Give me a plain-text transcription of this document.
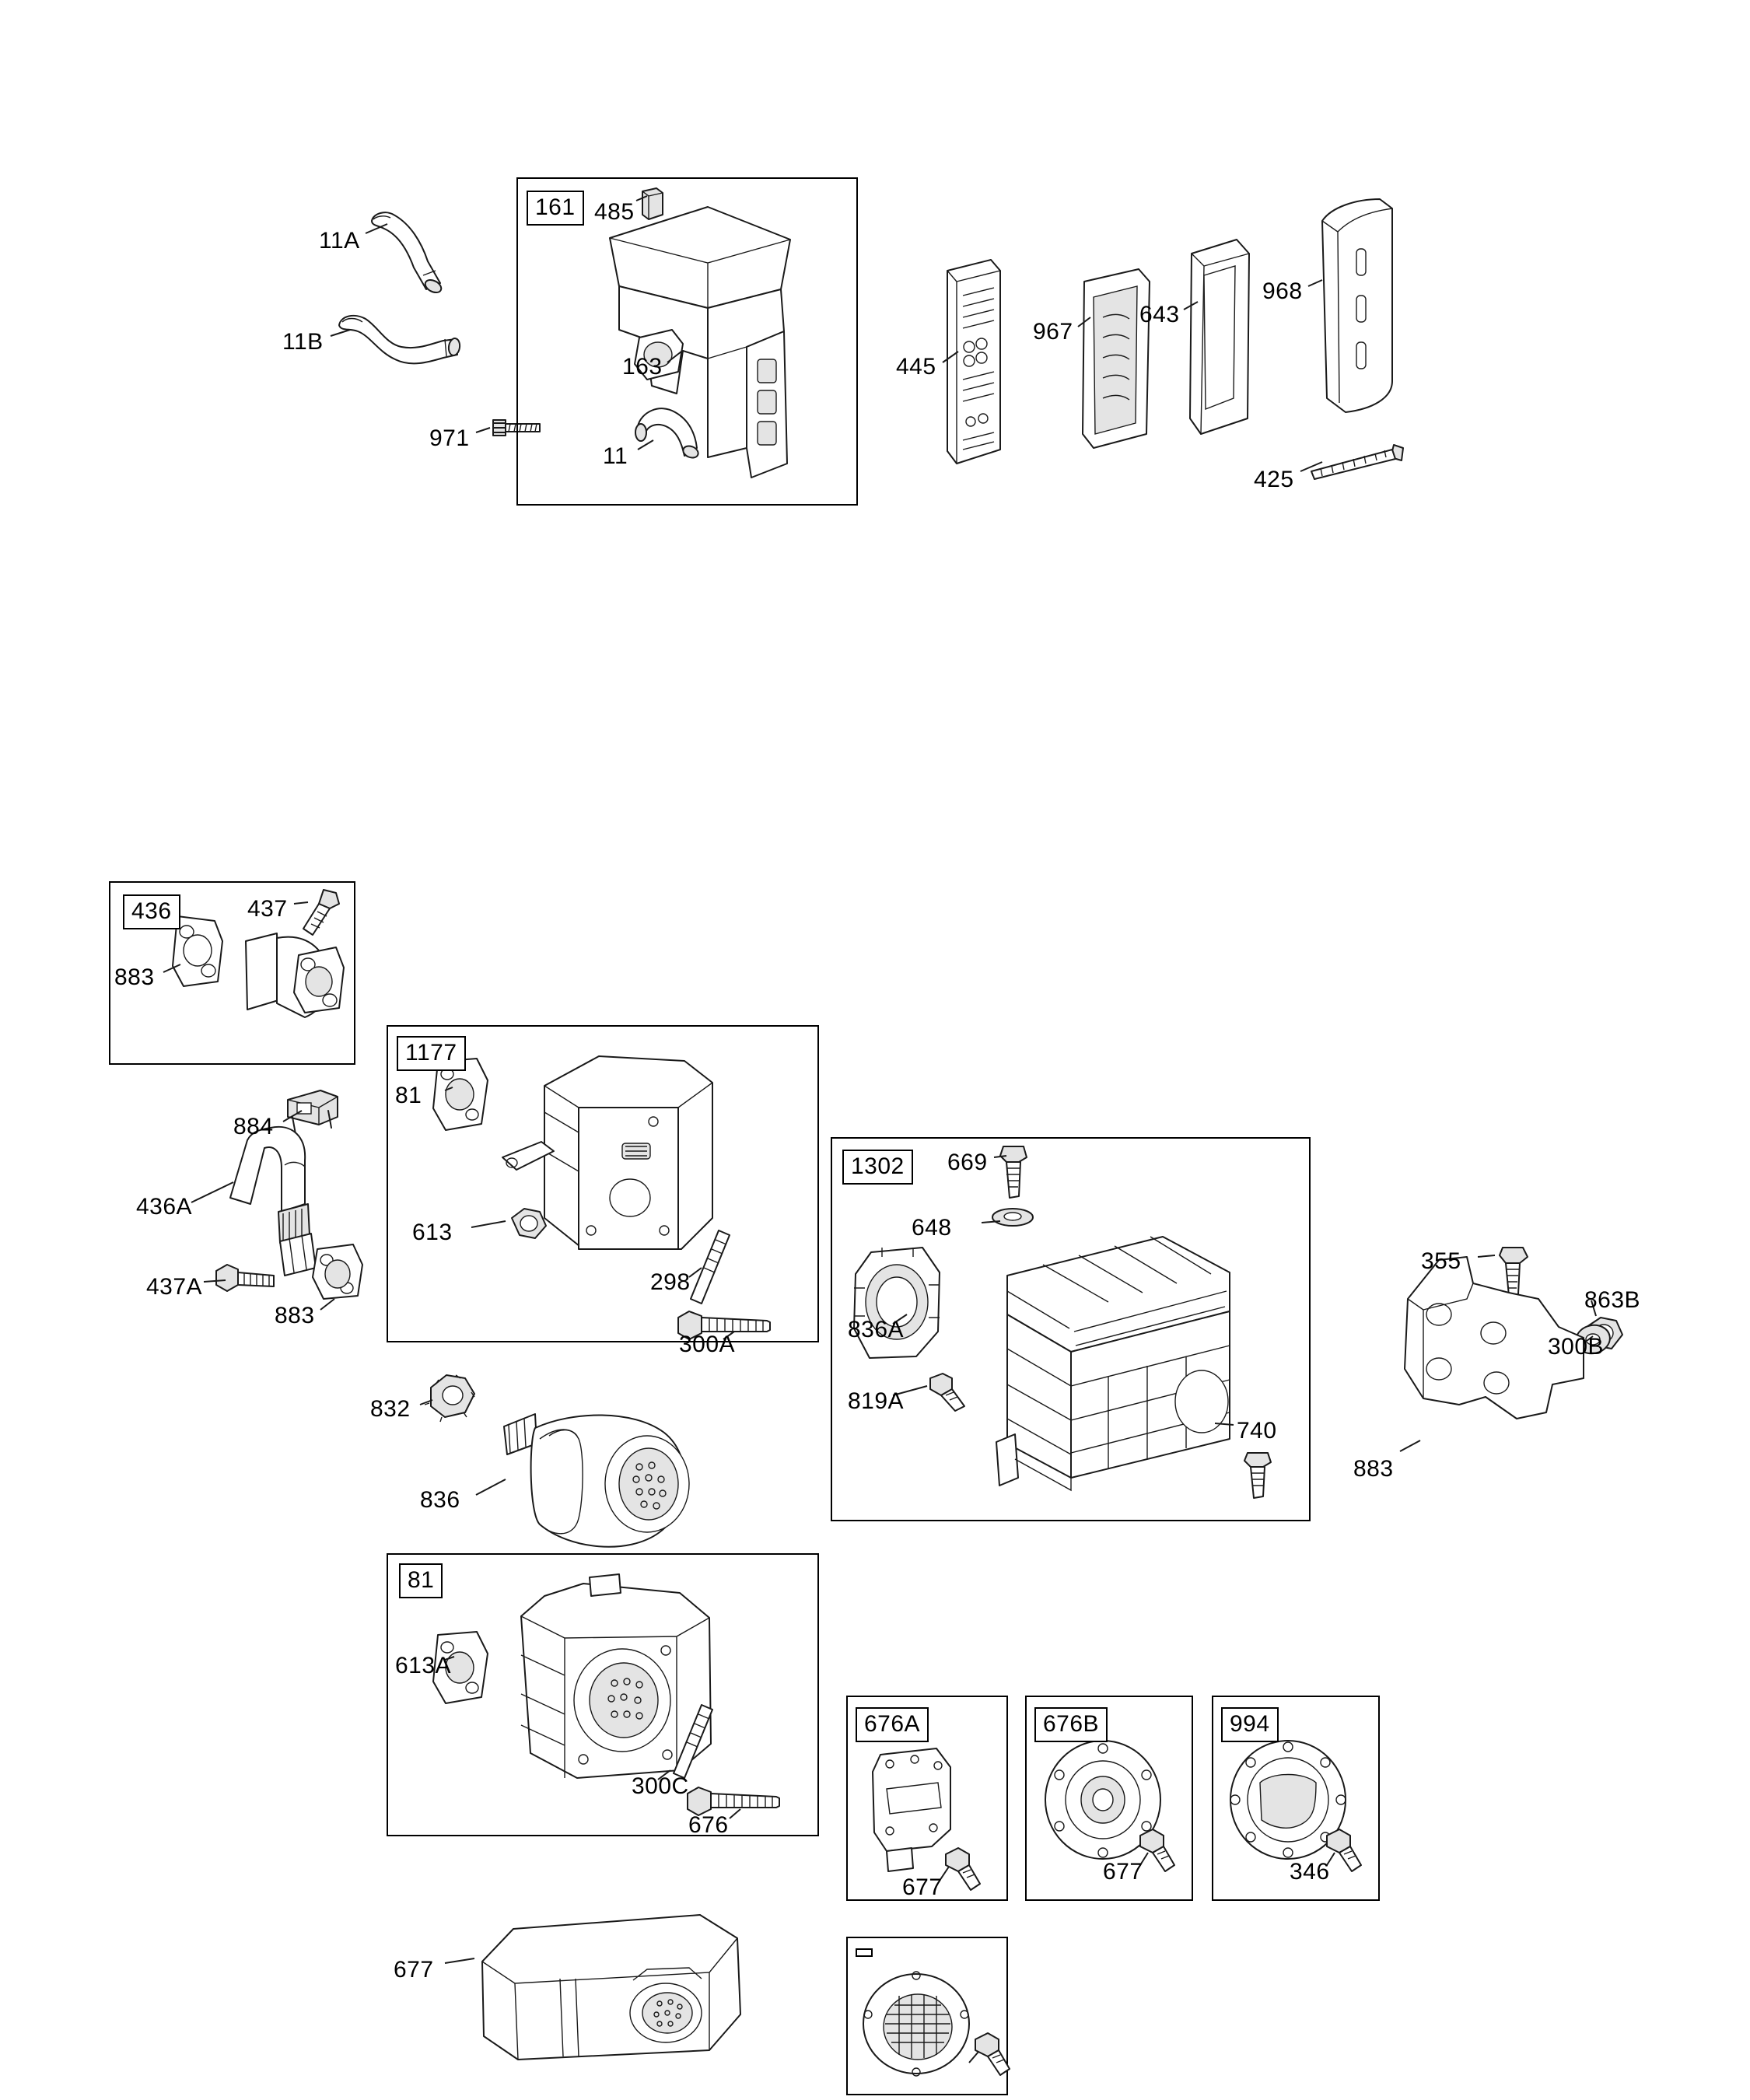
161
436
1177
1302
81
676A	676B	994
11A
11B
971
485
163
11
445
967
643
968
425
437
883
884
436A
437A
883
81
613
298
300A
832
836
669
648
836A
819A
740
355
863B
300B
883
613A
300C
676
677
677
677	346
